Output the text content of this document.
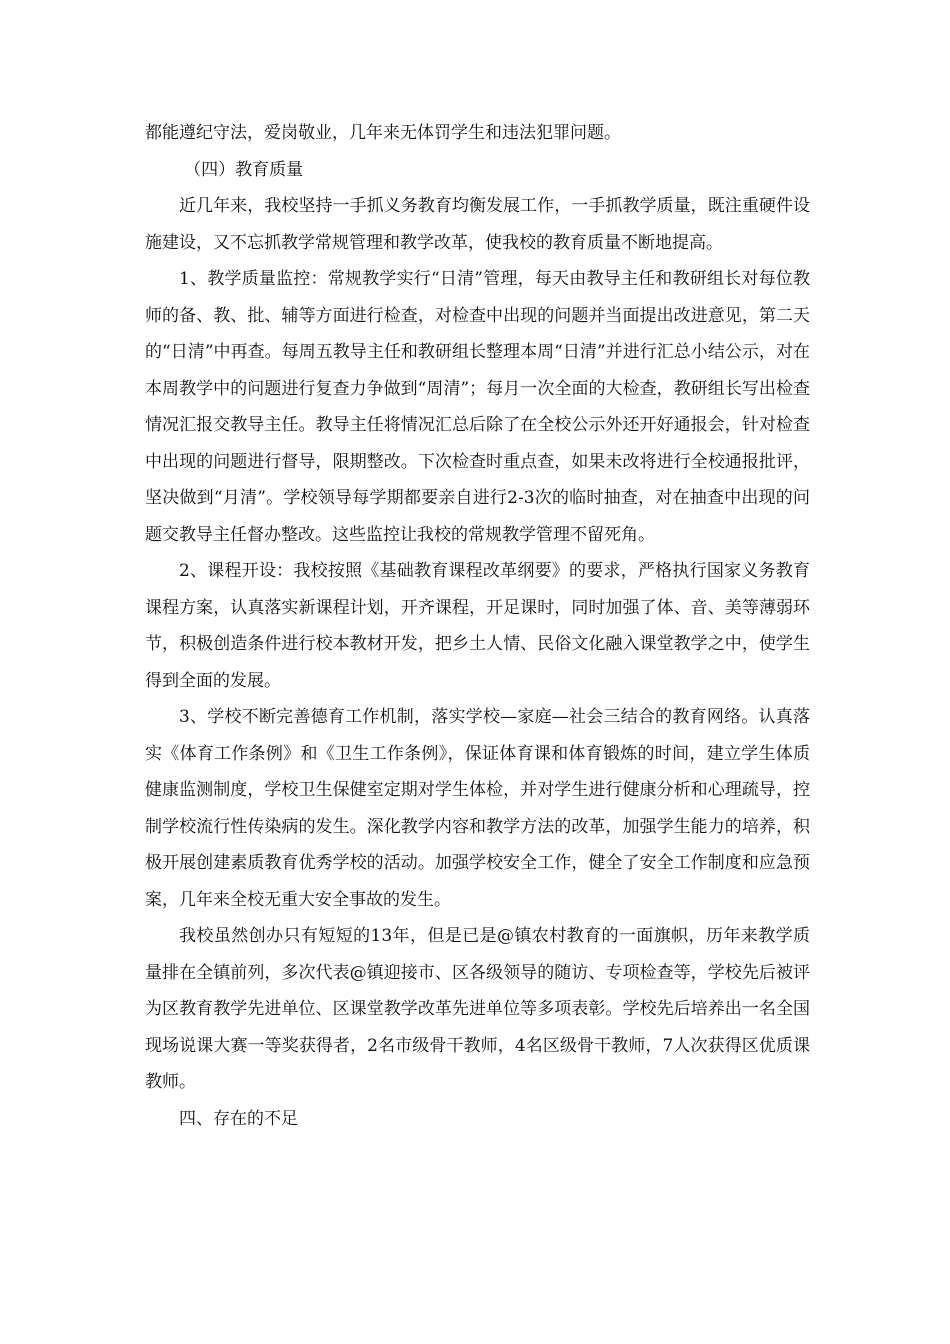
都能遵纪守法，爱岗敬业，几年来无体罚学生和违法犯罪问题。

（四）教育质量

近几年来，我校坚持一手抓义务教育均衡发展工作，一手抓教学质量，既注重硬件设施建设，又不忘抓教学常规管理和教学改革，使我校的教育质量不断地提高。

1、教学质量监控：常规教学实行“日清”管理，每天由教导主任和教研组长对每位教师的备、教、批、辅等方面进行检查，对检查中出现的问题并当面提出改进意见，第二天的“日清”中再查。每周五教导主任和教研组长整理本周“日清”并进行汇总小结公示，对在本周教学中的问题进行复查力争做到“周清”；每月一次全面的大检查，教研组长写出检查情况汇报交教导主任。教导主任将情况汇总后除了在全校公示外还开好通报会，针对检查中出现的问题进行督导，限期整改。下次检查时重点查，如果未改将进行全校通报批评，坚决做到“月清”。学校领导每学期都要亲自进行2-3次的临时抽查，对在抽查中出现的问题交教导主任督办整改。这些监控让我校的常规教学管理不留死角。

2、课程开设：我校按照《基础教育课程改革纲要》的要求，严格执行国家义务教育课程方案，认真落实新课程计划，开齐课程，开足课时，同时加强了体、音、美等薄弱环节，积极创造条件进行校本教材开发，把乡土人情、民俗文化融入课堂教学之中，使学生得到全面的发展。

3、学校不断完善德育工作机制，落实学校—家庭—社会三结合的教育网络。认真落实《体育工作条例》和《卫生工作条例》，保证体育课和体育锻炼的时间，建立学生体质健康监测制度，学校卫生保健室定期对学生体检，并对学生进行健康分析和心理疏导，控制学校流行性传染病的发生。深化教学内容和教学方法的改革，加强学生能力的培养，积极开展创建素质教育优秀学校的活动。加强学校安全工作，健全了安全工作制度和应急预案，几年来全校无重大安全事故的发生。

我校虽然创办只有短短的13年，但是已是@镇农村教育的一面旗帜，历年来教学质量排在全镇前列，多次代表@镇迎接市、区各级领导的随访、专项检查等，学校先后被评为区教育教学先进单位、区课堂教学改革先进单位等多项表彰。学校先后培养出一名全国现场说课大赛一等奖获得者，2名市级骨干教师，4名区级骨干教师，7人次获得区优质课教师。

四、存在的不足
